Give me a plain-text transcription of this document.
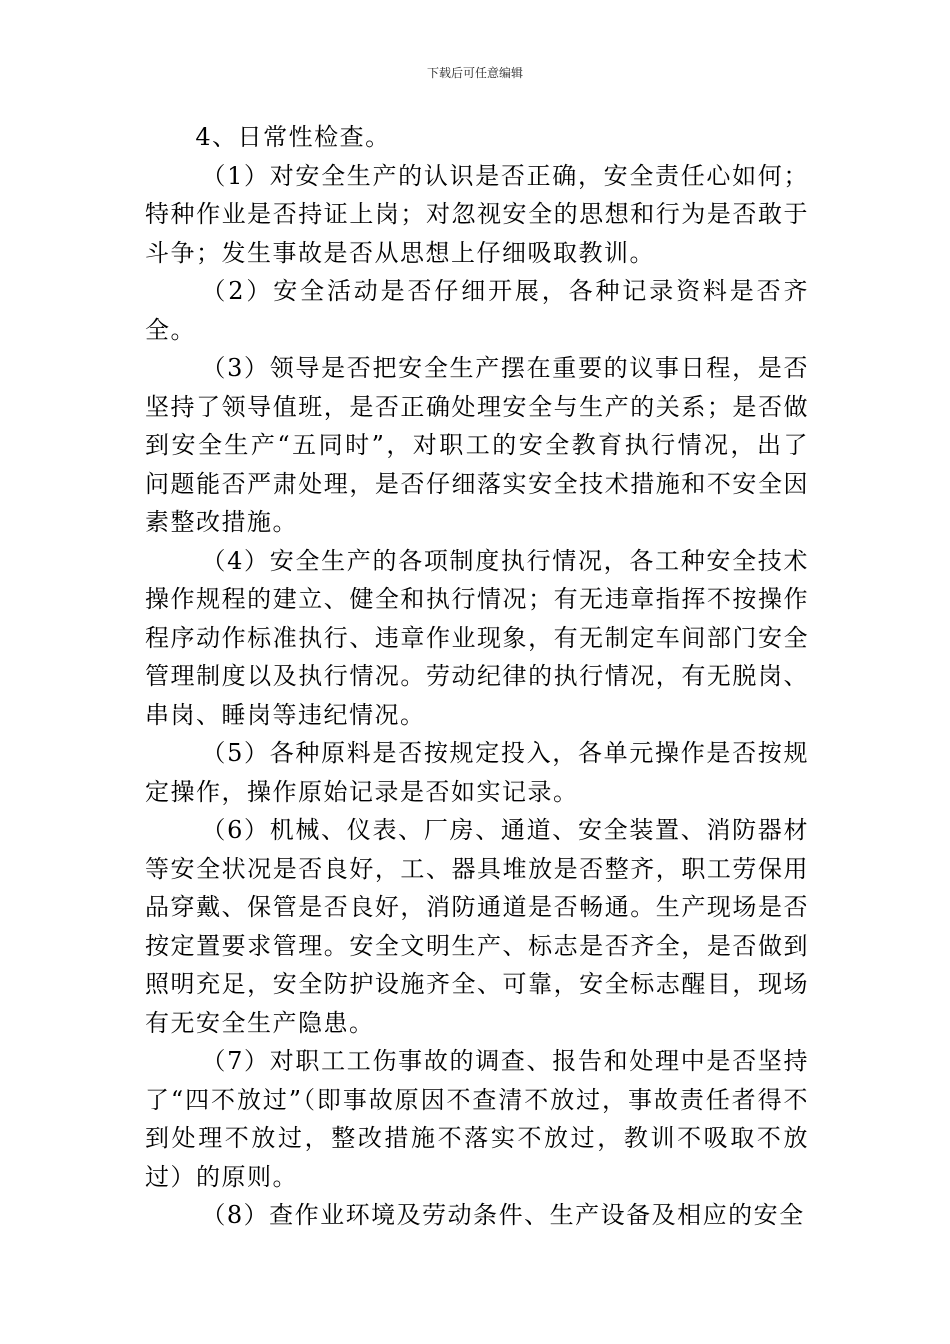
下载后可任意编辑

4、日常性检查。

（1）对安全生产的认识是否正确，安全责任心如何；特种作业是否持证上岗；对忽视安全的思想和行为是否敢于斗争；发生事故是否从思想上仔细吸取教训。

（2）安全活动是否仔细开展，各种记录资料是否齐全。

（3）领导是否把安全生产摆在重要的议事日程，是否坚持了领导值班，是否正确处理安全与生产的关系；是否做到安全生产“五同时”，对职工的安全教育执行情况，出了问题能否严肃处理，是否仔细落实安全技术措施和不安全因素整改措施。

（4）安全生产的各项制度执行情况，各工种安全技术操作规程的建立、健全和执行情况；有无违章指挥不按操作程序动作标准执行、违章作业现象，有无制定车间部门安全管理制度以及执行情况。劳动纪律的执行情况，有无脱岗、串岗、睡岗等违纪情况。

（5）各种原料是否按规定投入，各单元操作是否按规定操作，操作原始记录是否如实记录。

（6）机械、仪表、厂房、通道、安全装置、消防器材等安全状况是否良好，工、器具堆放是否整齐，职工劳保用品穿戴、保管是否良好，消防通道是否畅通。生产现场是否按定置要求管理。安全文明生产、标志是否齐全，是否做到照明充足，安全防护设施齐全、可靠，安全标志醒目，现场有无安全生产隐患。

（7）对职工工伤事故的调查、报告和处理中是否坚持了“四不放过”（即事故原因不查清不放过，事故责任者得不到处理不放过，整改措施不落实不放过，教训不吸取不放过）的原则。

（8）查作业环境及劳动条件、生产设备及相应的安全
